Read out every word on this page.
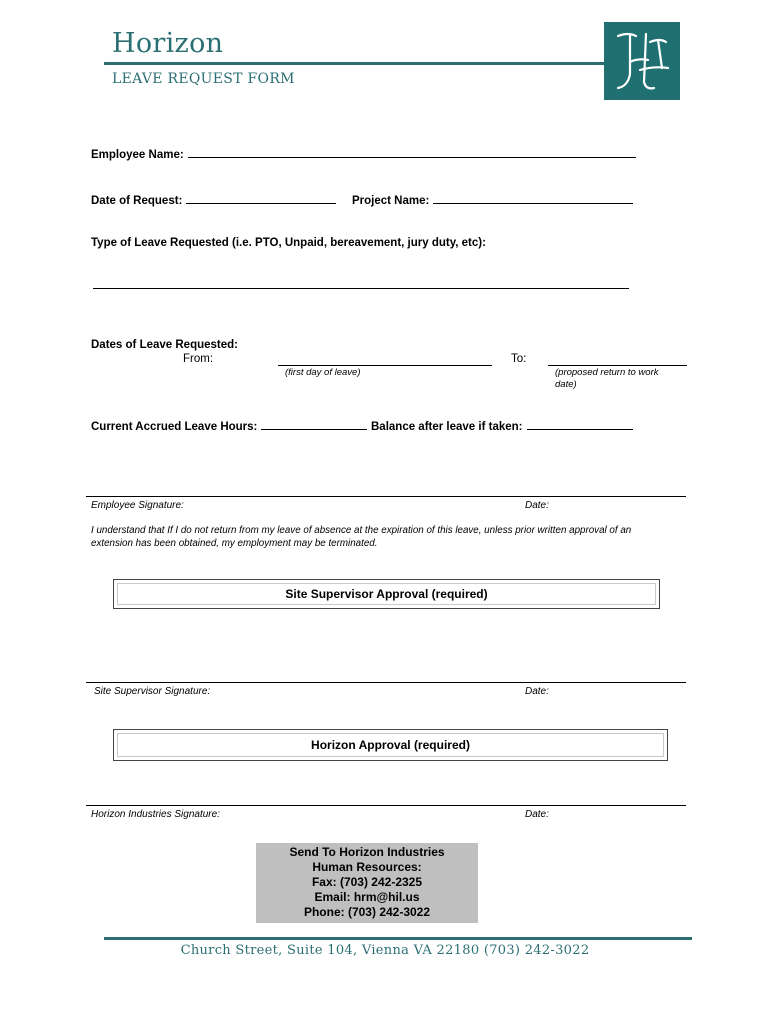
Horizon
LEAVE REQUEST FORM
Employee Name:
Date of Request:	Project Name:
Type of Leave Requested (i.e. PTO, Unpaid, bereavement, jury duty, etc):
Dates of Leave Requested:
From:
(first day of leave)
To:
(proposed return to work
date)
Current Accrued Leave Hours:	Balance after leave if taken:
Employee Signature:	Date:
I understand that If I do not return from my leave of absence at the expiration of this leave, unless prior written approval of an
extension has been obtained, my employment may be terminated.
Site Supervisor Approval (required)
Site Supervisor Signature:	Date:
Horizon Approval (required)
Horizon Industries Signature:	Date:
Send To Horizon Industries
Human Resources:
Fax: (703) 242-2325
Email: hrm@hil.us
Phone: (703) 242-3022
Church Street, Suite 104, Vienna VA 22180 (703) 242-3022
